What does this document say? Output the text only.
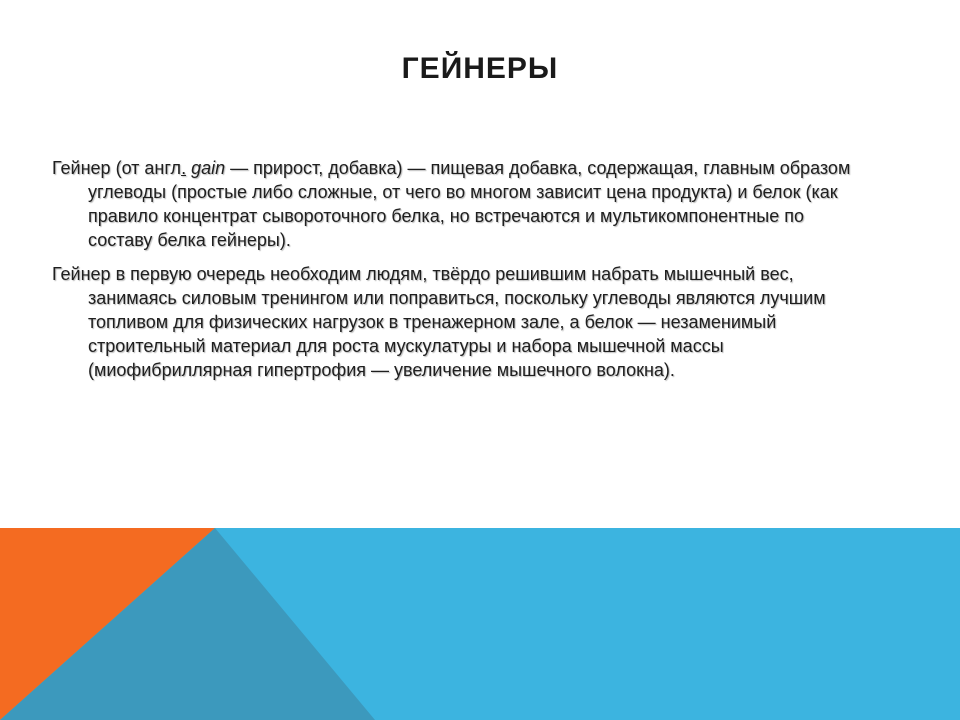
ГЕЙНЕРЫ

Гейнер (от англ. gain — прирост, добавка) — пищевая добавка, содержащая, главным образом углеводы (простые либо сложные, от чего во многом зависит цена продукта) и белок (как правило концентрат сывороточного белка, но встречаются и мультикомпонентные по составу белка гейнеры).

Гейнер в первую очередь необходим людям, твёрдо решившим набрать мышечный вес, занимаясь силовым тренингом или поправиться, поскольку углеводы являются лучшим топливом для физических нагрузок в тренажерном зале, а белок — незаменимый строительный материал для роста мускулатуры и набора мышечной массы (миофибриллярная гипертрофия — увеличение мышечного волокна).
